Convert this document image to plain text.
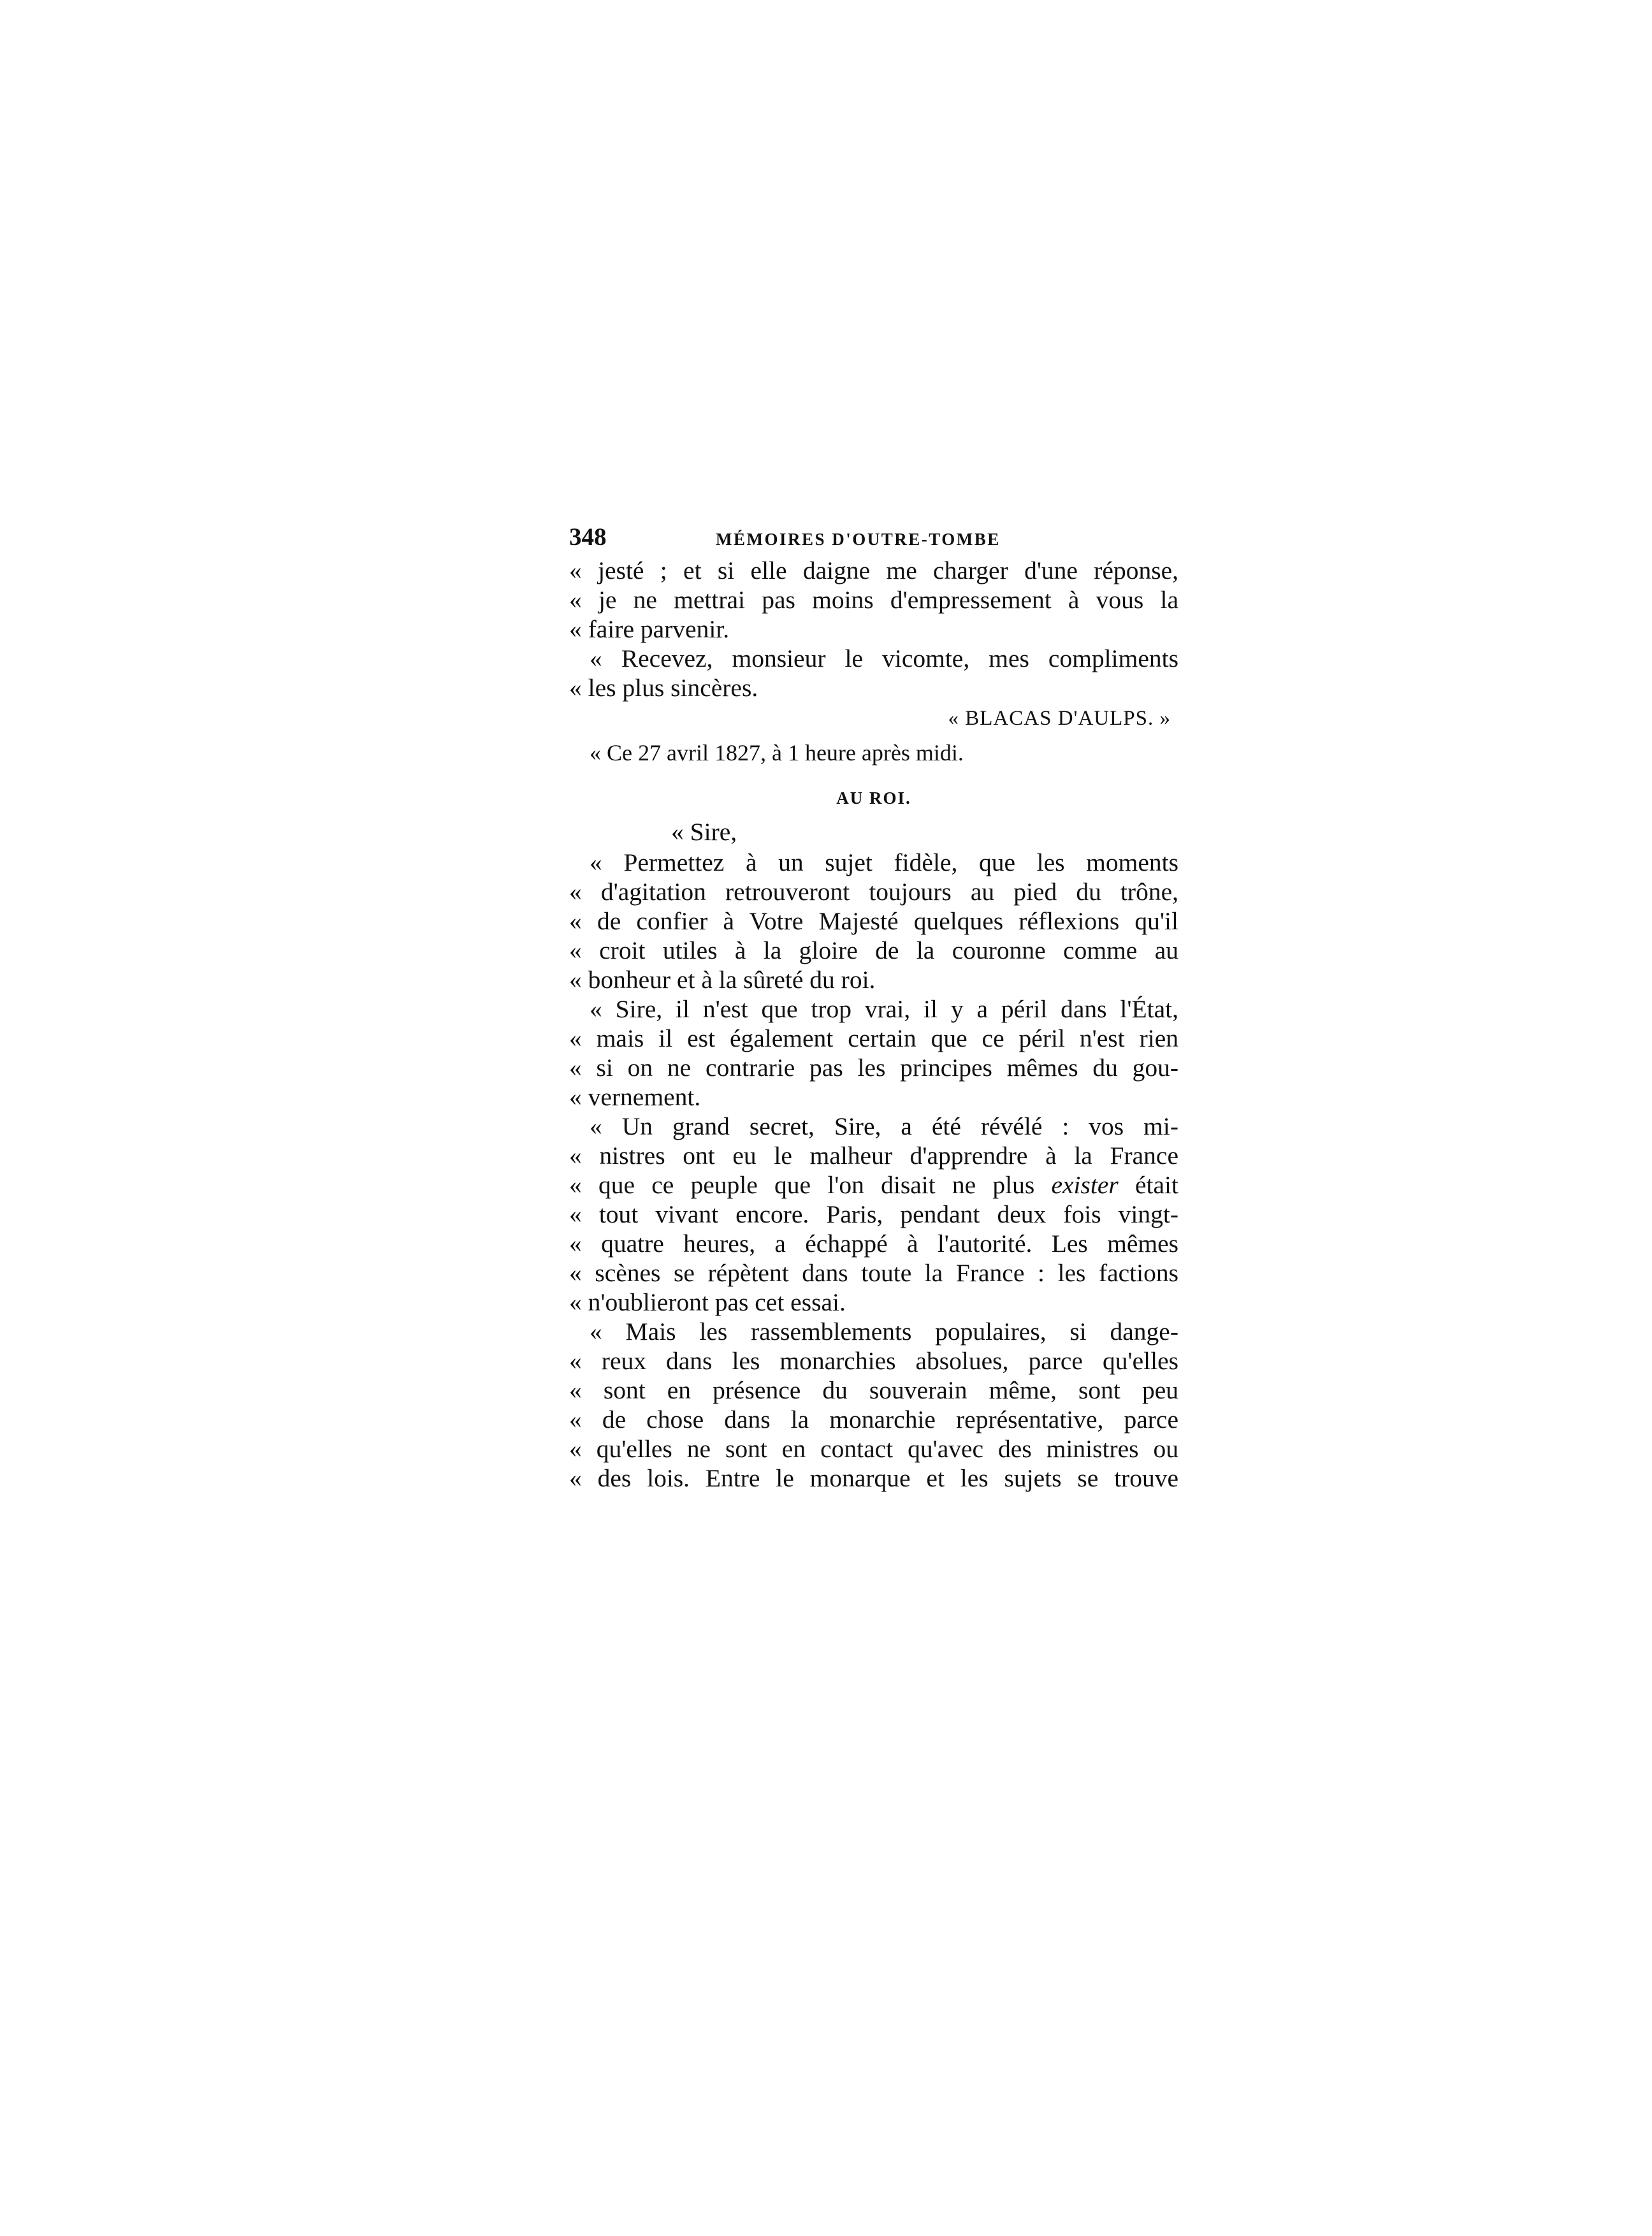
348	MÉMOIRES D'OUTRE-TOMBE
« jesté ; et si elle daigne me charger d'une réponse,
« je ne mettrai pas moins d'empressement à vous la
« faire parvenir.
« Recevez, monsieur le vicomte, mes compliments
« les plus sincères.
« BLACAS D'AULPS. »
« Ce 27 avril 1827, à 1 heure après midi.
AU ROI.
« Sire,
« Permettez à un sujet fidèle, que les moments
« d'agitation retrouveront toujours au pied du trône,
« de confier à Votre Majesté quelques réflexions qu'il
« croit utiles à la gloire de la couronne comme au
« bonheur et à la sûreté du roi.
« Sire, il n'est que trop vrai, il y a péril dans l'État,
« mais il est également certain que ce péril n'est rien
« si on ne contrarie pas les principes mêmes du gou-
« vernement.
« Un grand secret, Sire, a été révélé : vos mi-
« nistres ont eu le malheur d'apprendre à la France
« que ce peuple que l'on disait ne plus exister était
« tout vivant encore. Paris, pendant deux fois vingt-
« quatre heures, a échappé à l'autorité. Les mêmes
« scènes se répètent dans toute la France : les factions
« n'oublieront pas cet essai.
« Mais les rassemblements populaires, si dange-
« reux dans les monarchies absolues, parce qu'elles
« sont en présence du souverain même, sont peu
« de chose dans la monarchie représentative, parce
« qu'elles ne sont en contact qu'avec des ministres ou
« des lois. Entre le monarque et les sujets se trouve
